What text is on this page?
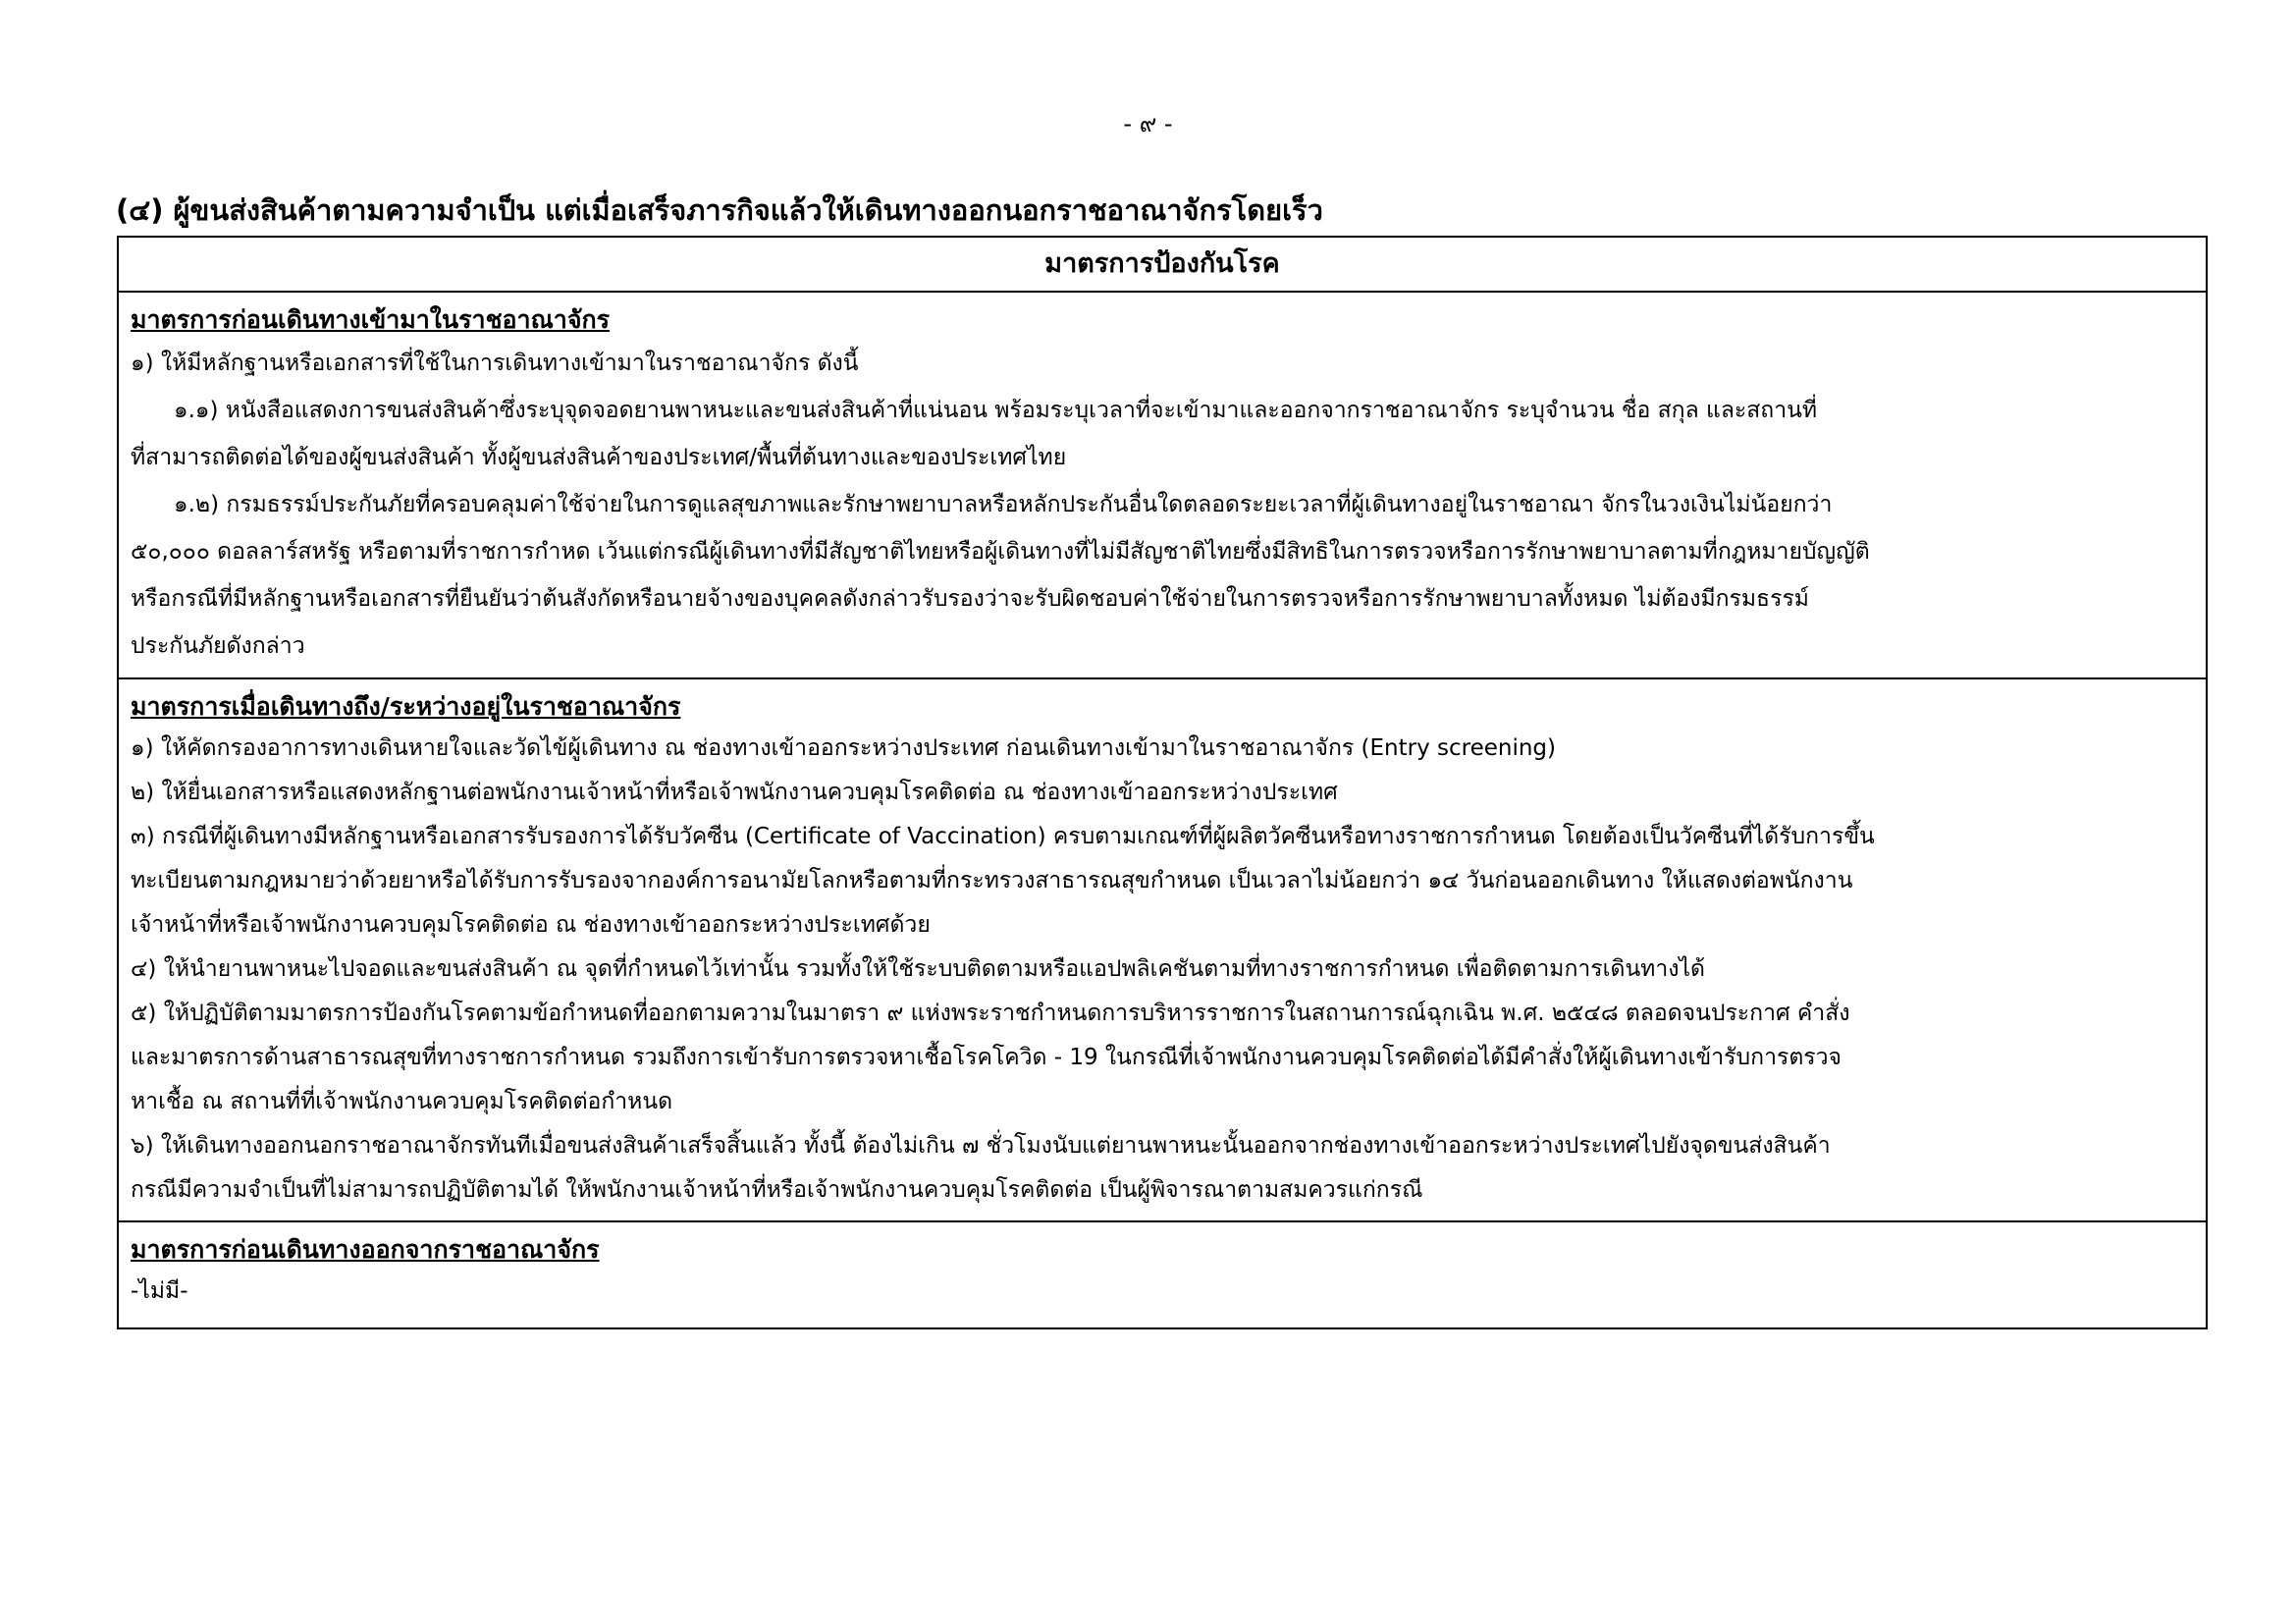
- ๙ -
(๔) ผู้ขนส่งสินค้าตามความจำเป็น แต่เมื่อเสร็จภารกิจแล้วให้เดินทางออกนอกราชอาณาจักรโดยเร็ว
มาตรการป้องกันโรค
มาตรการก่อนเดินทางเข้ามาในราชอาณาจักร
๑) ให้มีหลักฐานหรือเอกสารที่ใช้ในการเดินทางเข้ามาในราชอาณาจักร ดังนี้
๑.๑) หนังสือแสดงการขนส่งสินค้าซึ่งระบุจุดจอดยานพาหนะและขนส่งสินค้าที่แน่นอน พร้อมระบุเวลาที่จะเข้ามาและออกจากราชอาณาจักร ระบุจำนวน ชื่อ สกุล และสถานที่
ที่สามารถติดต่อได้ของผู้ขนส่งสินค้า ทั้งผู้ขนส่งสินค้าของประเทศ/พื้นที่ต้นทางและของประเทศไทย
๑.๒) กรมธรรม์ประกันภัยที่ครอบคลุมค่าใช้จ่ายในการดูแลสุขภาพและรักษาพยาบาลหรือหลักประกันอื่นใดตลอดระยะเวลาที่ผู้เดินทางอยู่ในราชอาณา จักรในวงเงินไม่น้อยกว่า
๕๐,๐๐๐ ดอลลาร์สหรัฐ หรือตามที่ราชการกำหด เว้นแต่กรณีผู้เดินทางที่มีสัญชาติไทยหรือผู้เดินทางที่ไม่มีสัญชาติไทยซึ่งมีสิทธิในการตรวจหรือการรักษาพยาบาลตามที่กฎหมายบัญญัติ
หรือกรณีที่มีหลักฐานหรือเอกสารที่ยืนยันว่าต้นสังกัดหรือนายจ้างของบุคคลดังกล่าวรับรองว่าจะรับผิดชอบค่าใช้จ่ายในการตรวจหรือการรักษาพยาบาลทั้งหมด ไม่ต้องมีกรมธรรม์
ประกันภัยดังกล่าว
มาตรการเมื่อเดินทางถึง/ระหว่างอยู่ในราชอาณาจักร
๑) ให้คัดกรองอาการทางเดินหายใจและวัดไข้ผู้เดินทาง ณ ช่องทางเข้าออกระหว่างประเทศ ก่อนเดินทางเข้ามาในราชอาณาจักร (Entry screening)
๒) ให้ยื่นเอกสารหรือแสดงหลักฐานต่อพนักงานเจ้าหน้าที่หรือเจ้าพนักงานควบคุมโรคติดต่อ ณ ช่องทางเข้าออกระหว่างประเทศ
๓) กรณีที่ผู้เดินทางมีหลักฐานหรือเอกสารรับรองการได้รับวัคซีน (Certificate of Vaccination) ครบตามเกณฑ์ที่ผู้ผลิตวัคซีนหรือทางราชการกำหนด โดยต้องเป็นวัคซีนที่ได้รับการขึ้น
ทะเบียนตามกฎหมายว่าด้วยยาหรือได้รับการรับรองจากองค์การอนามัยโลกหรือตามที่กระทรวงสาธารณสุขกำหนด เป็นเวลาไม่น้อยกว่า ๑๔ วันก่อนออกเดินทาง ให้แสดงต่อพนักงาน
เจ้าหน้าที่หรือเจ้าพนักงานควบคุมโรคติดต่อ ณ ช่องทางเข้าออกระหว่างประเทศด้วย
๔) ให้นำยานพาหนะไปจอดและขนส่งสินค้า ณ จุดที่กำหนดไว้เท่านั้น รวมทั้งให้ใช้ระบบติดตามหรือแอปพลิเคชันตามที่ทางราชการกำหนด เพื่อติดตามการเดินทางได้
๕) ให้ปฏิบัติตามมาตรการป้องกันโรคตามข้อกำหนดที่ออกตามความในมาตรา ๙ แห่งพระราชกำหนดการบริหารราชการในสถานการณ์ฉุกเฉิน พ.ศ. ๒๕๔๘ ตลอดจนประกาศ คำสั่ง
และมาตรการด้านสาธารณสุขที่ทางราชการกำหนด รวมถึงการเข้ารับการตรวจหาเชื้อโรคโควิด - 19 ในกรณีที่เจ้าพนักงานควบคุมโรคติดต่อได้มีคำสั่งให้ผู้เดินทางเข้ารับการตรวจ
หาเชื้อ ณ สถานที่ที่เจ้าพนักงานควบคุมโรคติดต่อกำหนด
๖) ให้เดินทางออกนอกราชอาณาจักรทันทีเมื่อขนส่งสินค้าเสร็จสิ้นแล้ว ทั้งนี้ ต้องไม่เกิน ๗ ชั่วโมงนับแต่ยานพาหนะนั้นออกจากช่องทางเข้าออกระหว่างประเทศไปยังจุดขนส่งสินค้า
กรณีมีความจำเป็นที่ไม่สามารถปฏิบัติตามได้ ให้พนักงานเจ้าหน้าที่หรือเจ้าพนักงานควบคุมโรคติดต่อ เป็นผู้พิจารณาตามสมควรแก่กรณี
มาตรการก่อนเดินทางออกจากราชอาณาจักร
-ไม่มี-
